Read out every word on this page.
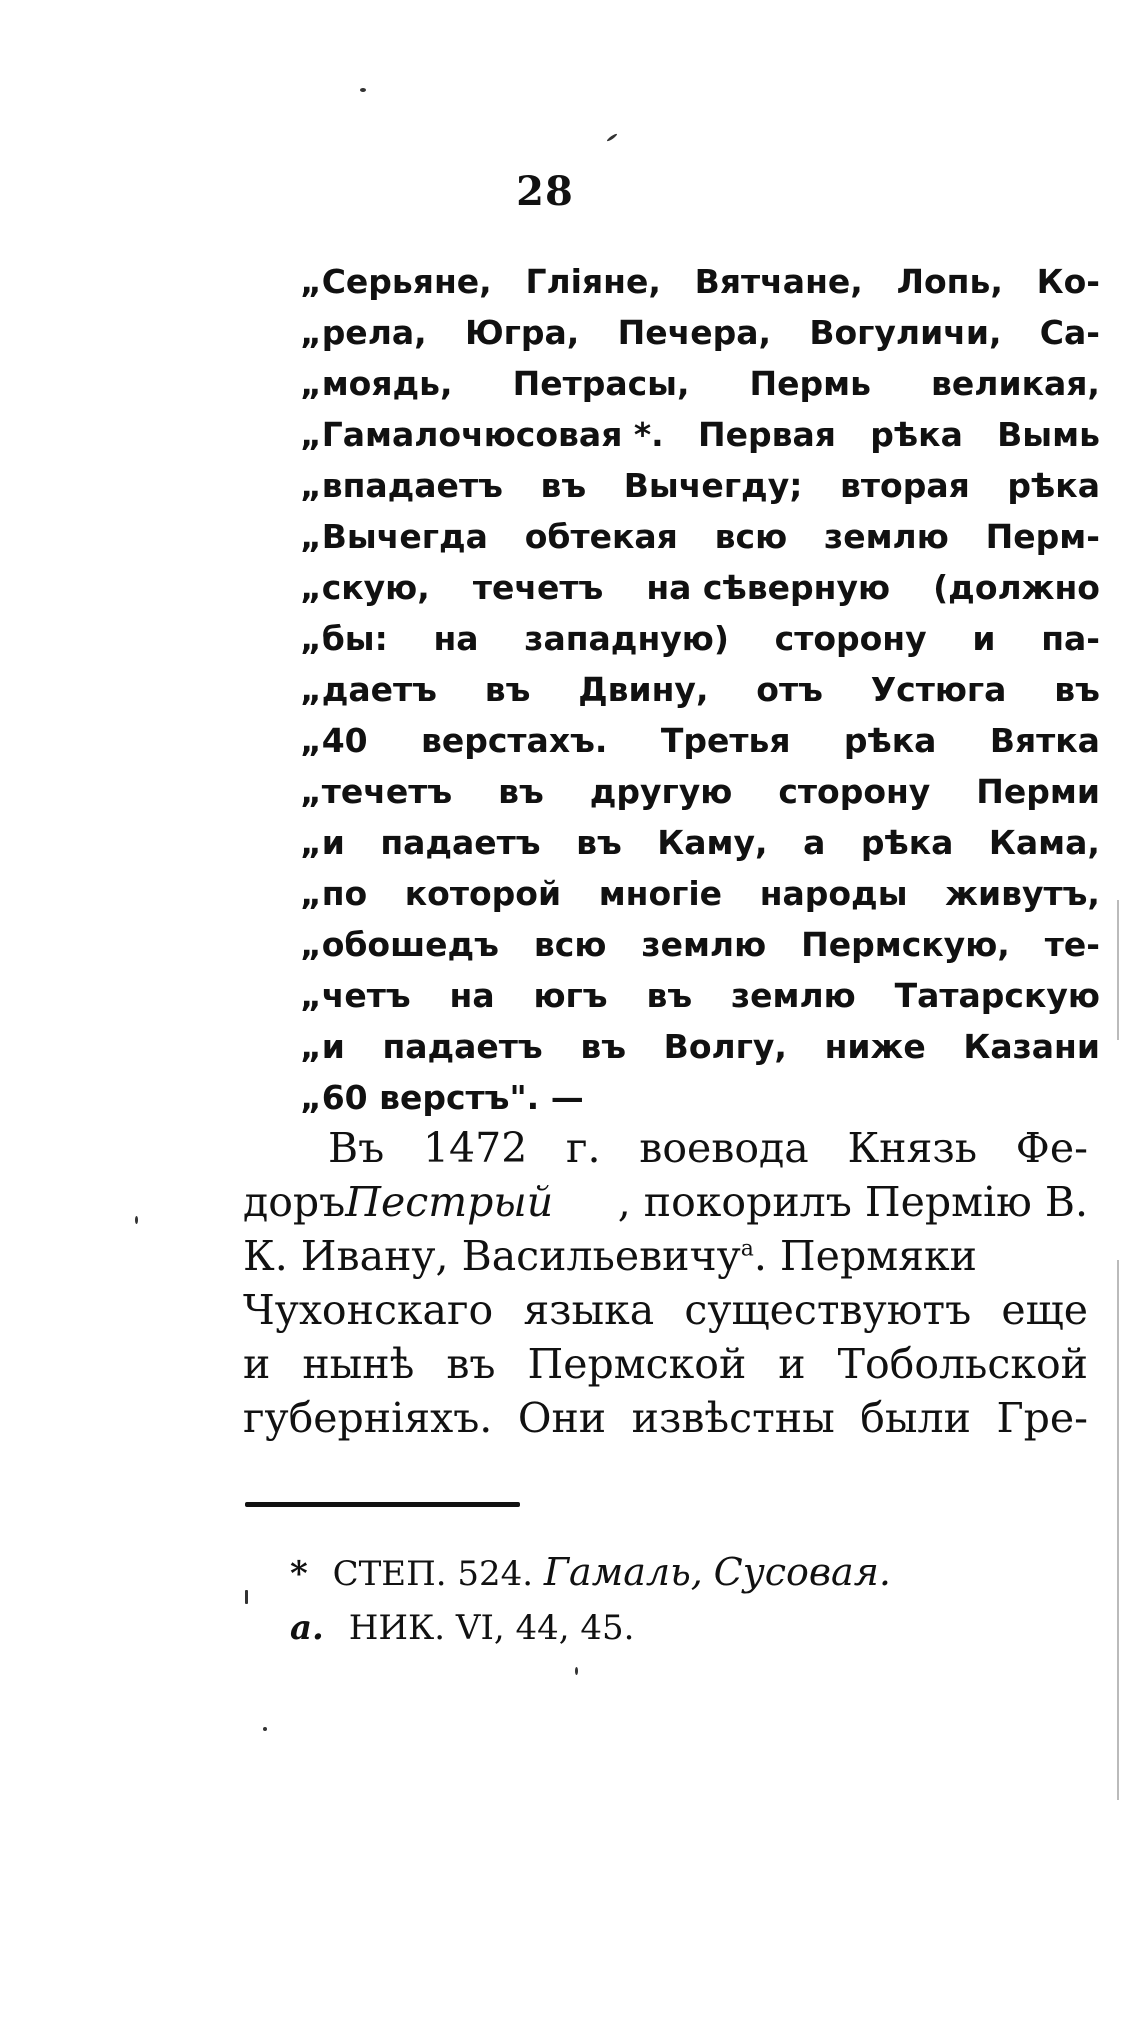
28
„Серьяне, Гліяне, Вятчане, Лопь, Ко-
„рела, Югра, Печера, Вогуличи, Са-
„моядь, Петрасы, Пермь великая,
„Гамалочюсовая *. Первая рѣка Вымь
„впадаетъ въ Вычегду; вторая рѣка
„Вычегда обтекая всю землю Перм-
„скую, течетъ на сѣверную (должно
„бы: на западную) сторону и па-
„даетъ въ Двину, отъ Устюга въ
„40 верстахъ. Третья рѣка Вятка
„течетъ въ другую сторону Перми
„и падаетъ въ Каму, а рѣка Кама,
„по которой многіе народы живутъ,
„обошедъ всю землю Пермскую, те-
„четъ на югъ въ землю Татарскую
„и падаетъ въ Волгу, ниже Казани
„60 верстъ". —
Въ 1472 г. воевода Князь Фе-
доръ Пестрый	, покорилъ Пермію В.
К. Ивану, Васильевичу$^a$. Пермяки
Чухонскаго языка существуютъ еще
и нынѣ въ Пермской и Тобольской
губерніяхъ. Они извѣстны были Гре-
* СТЕП. 524. Гамаль, Сусовая.
a. НИК. VI, 44, 45.
